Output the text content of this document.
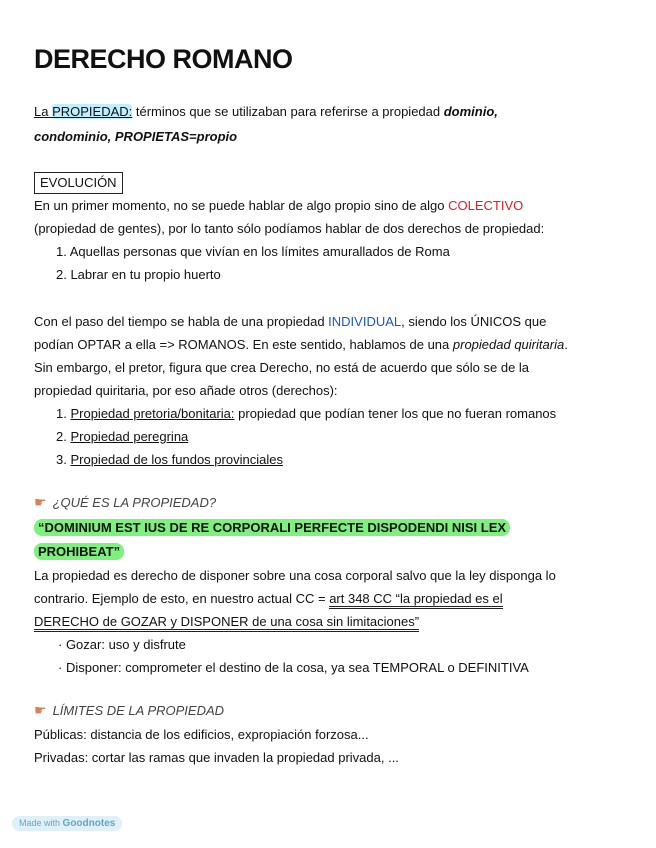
DERECHO ROMANO

La PROPIEDAD: términos que se utilizaban para referirse a propiedad dominio,

condominio, PROPIETAS=propio

EVOLUCIÓN

En un primer momento, no se puede hablar de algo propio sino de algo COLECTIVO

(propiedad de gentes), por lo tanto sólo podíamos hablar de dos derechos de propiedad:

1. Aquellas personas que vivían en los límites amurallados de Roma

2. Labrar en tu propio huerto

Con el paso del tiempo se habla de una propiedad INDIVIDUAL, siendo los ÚNICOS que

podían OPTAR a ella => ROMANOS. En este sentido, hablamos de una propiedad quiritaria.

Sin embargo, el pretor, figura que crea Derecho, no está de acuerdo que sólo se de la

propiedad quiritaria, por eso añade otros (derechos):

1. Propiedad pretoria/bonitaria: propiedad que podían tener los que no fueran romanos

2. Propiedad peregrina

3. Propiedad de los fundos provinciales

☛ ¿QUÉ ES LA PROPIEDAD?

“DOMINIUM EST IUS DE RE CORPORALI PERFECTE DISPODENDI NISI LEX

PROHIBEAT”

La propiedad es derecho de disponer sobre una cosa corporal salvo que la ley disponga lo

contrario. Ejemplo de esto, en nuestro actual CC = art 348 CC “la propiedad es el

DERECHO de GOZAR y DISPONER de una cosa sin limitaciones”

· Gozar: uso y disfrute

· Disponer: comprometer el destino de la cosa, ya sea TEMPORAL o DEFINITIVA

☛ LÍMITES DE LA PROPIEDAD

Públicas: distancia de los edificios, expropiación forzosa...

Privadas: cortar las ramas que invaden la propiedad privada, ...

Made with Goodnotes
